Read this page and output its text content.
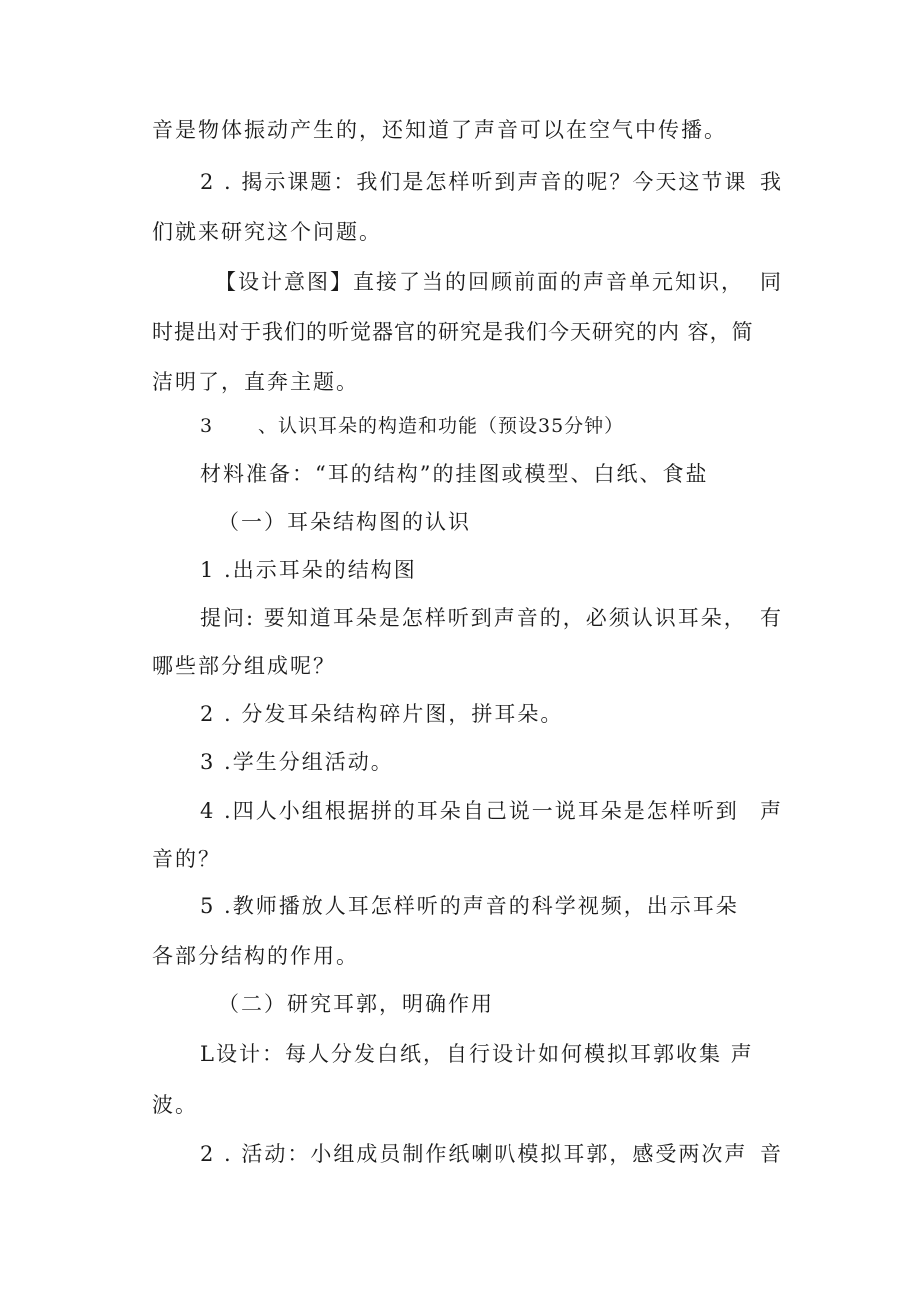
音是物体振动产生的，还知道了声音可以在空气中传播。
2 . 揭示课题：我们是怎样听到声音的呢？今天这节课 我
们就来研究这个问题。
【设计意图】直接了当的回顾前面的声音单元知识， 同
时提出对于我们的听觉器官的研究是我们今天研究的内 容，简
洁明了，直奔主题。
3 、认识耳朵的构造和功能（预设35分钟）
材料准备：“耳的结构”的挂图或模型、白纸、食盐
（一）耳朵结构图的认识
1 .出示耳朵的结构图
提问: 要知道耳朵是怎样听到声音的，必须认识耳朵， 有
哪些部分组成呢？
2 . 分发耳朵结构碎片图，拼耳朵。
3 .学生分组活动。
4 .四人小组根据拼的耳朵自己说一说耳朵是怎样听到 声
音的？
5 .教师播放人耳怎样听的声音的科学视频，出示耳朵
各部分结构的作用。
（二）研究耳郭，明确作用
L设计：每人分发白纸，自行设计如何模拟耳郭收集 声
波。
2 . 活动：小组成员制作纸喇叭模拟耳郭，感受两次声 音
